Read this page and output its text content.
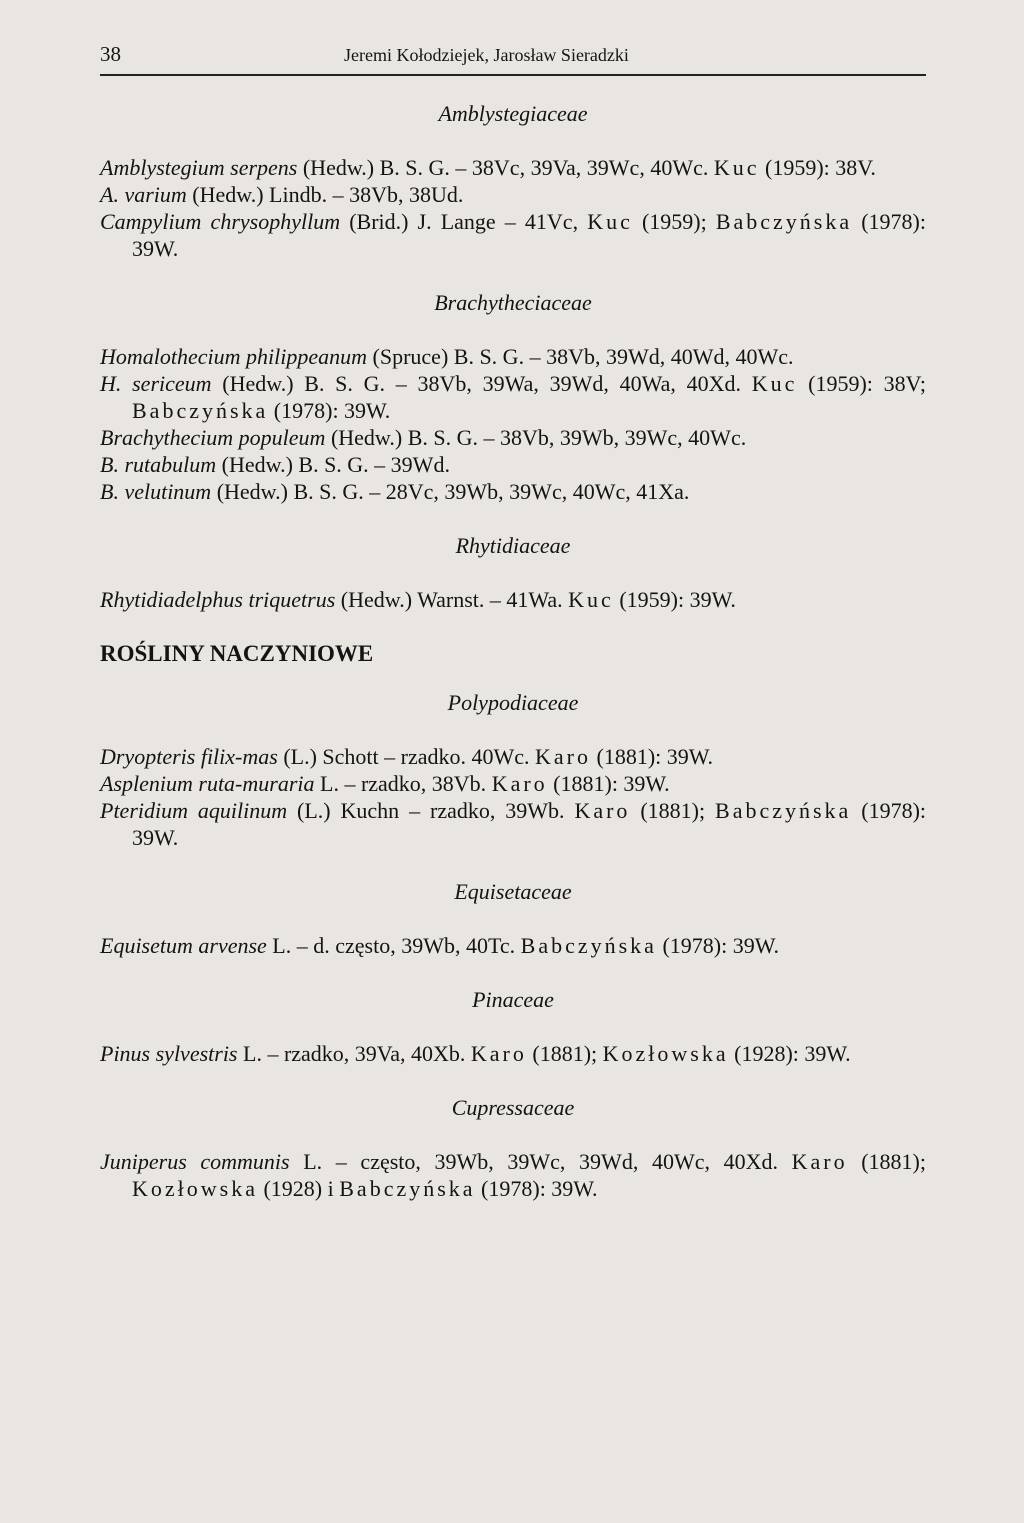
38	Jeremi Kołodziejek, Jarosław Sieradzki
Amblystegiaceae
Amblystegium serpens (Hedw.) B. S. G. – 38Vc, 39Va, 39Wc, 40Wc. Kuc (1959): 38V.
A. varium (Hedw.) Lindb. – 38Vb, 38Ud.
Campylium chrysophyllum (Brid.) J. Lange – 41Vc, Kuc (1959); Babczyńska (1978): 39W.
Brachytheciaceae
Homalothecium philippeanum (Spruce) B. S. G. – 38Vb, 39Wd, 40Wd, 40Wc.
H. sericeum (Hedw.) B. S. G. – 38Vb, 39Wa, 39Wd, 40Wa, 40Xd. Kuc (1959): 38V; Babczyńska (1978): 39W.
Brachythecium populeum (Hedw.) B. S. G. – 38Vb, 39Wb, 39Wc, 40Wc.
B. rutabulum (Hedw.) B. S. G. – 39Wd.
B. velutinum (Hedw.) B. S. G. – 28Vc, 39Wb, 39Wc, 40Wc, 41Xa.
Rhytidiaceae
Rhytidiadelphus triquetrus (Hedw.) Warnst. – 41Wa. Kuc (1959): 39W.
ROŚLINY NACZYNIOWE
Polypodiaceae
Dryopteris filix-mas (L.) Schott – rzadko. 40Wc. Karo (1881): 39W.
Asplenium ruta-muraria L. – rzadko, 38Vb. Karo (1881): 39W.
Pteridium aquilinum (L.) Kuchn – rzadko, 39Wb. Karo (1881); Babczyńska (1978): 39W.
Equisetaceae
Equisetum arvense L. – d. często, 39Wb, 40Tc. Babczyńska (1978): 39W.
Pinaceae
Pinus sylvestris L. – rzadko, 39Va, 40Xb. Karo (1881); Kozłowska (1928): 39W.
Cupressaceae
Juniperus communis L. – często, 39Wb, 39Wc, 39Wd, 40Wc, 40Xd. Karo (1881); Kozłowska (1928) i Babczyńska (1978): 39W.
